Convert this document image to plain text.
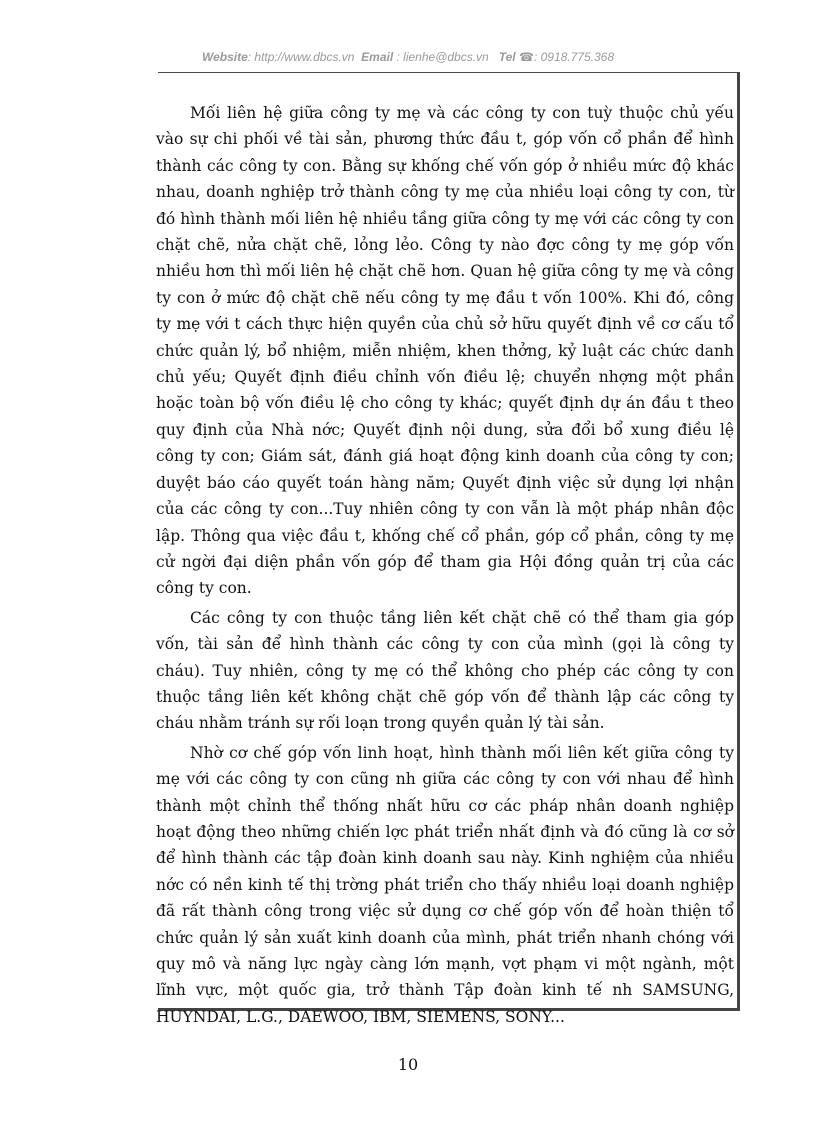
Website: http://www.dbcs.vn Email : lienhe@dbcs.vn Tel ☎: 0918.775.368

Mối liên hệ giữa công ty mẹ và các công ty con tuỳ thuộc chủ yếu vào sự chi phối về tài sản, phương thức đầu t, góp vốn cổ phần để hình thành các công ty con. Bằng sự khống chế vốn góp ở nhiều mức độ khác nhau, doanh nghiệp trở thành công ty mẹ của nhiều loại công ty con, từ đó hình thành mối liên hệ nhiều tầng giữa công ty mẹ với các công ty con chặt chẽ, nửa chặt chẽ, lỏng lẻo. Công ty nào đợc công ty mẹ góp vốn nhiều hơn thì mối liên hệ chặt chẽ hơn. Quan hệ giữa công ty mẹ và công ty con ở mức độ chặt chẽ nếu công ty mẹ đầu t vốn 100%. Khi đó, công ty mẹ với t cách thực hiện quyền của chủ sở hữu quyết định về cơ cấu tổ chức quản lý, bổ nhiệm, miễn nhiệm, khen thởng, kỷ luật các chức danh chủ yếu; Quyết định điều chỉnh vốn điều lệ; chuyển nhợng một phần hoặc toàn bộ vốn điều lệ cho công ty khác; quyết định dự án đầu t theo quy định của Nhà nớc; Quyết định nội dung, sửa đổi bổ xung điều lệ công ty con; Giám sát, đánh giá hoạt động kinh doanh của công ty con; duyệt báo cáo quyết toán hàng năm; Quyết định việc sử dụng lợi nhận của các công ty con...Tuy nhiên công ty con vẫn là một pháp nhân độc lập. Thông qua việc đầu t, khống chế cổ phần, góp cổ phần, công ty mẹ cử ngời đại diện phần vốn góp để tham gia Hội đồng quản trị của các công ty con.

Các công ty con thuộc tầng liên kết chặt chẽ có thể tham gia góp vốn, tài sản để hình thành các công ty con của mình (gọi là công ty cháu). Tuy nhiên, công ty mẹ có thể không cho phép các công ty con thuộc tầng liên kết không chặt chẽ góp vốn để thành lập các công ty cháu nhằm tránh sự rối loạn trong quyền quản lý tài sản.

Nhờ cơ chế góp vốn linh hoạt, hình thành mối liên kết giữa công ty mẹ với các công ty con cũng nh giữa các công ty con với nhau để hình thành một chỉnh thể thống nhất hữu cơ các pháp nhân doanh nghiệp hoạt động theo những chiến lợc phát triển nhất định và đó cũng là cơ sở để hình thành các tập đoàn kinh doanh sau này. Kinh nghiệm của nhiều nớc có nền kinh tế thị trờng phát triển cho thấy nhiều loại doanh nghiệp đã rất thành công trong việc sử dụng cơ chế góp vốn để hoàn thiện tổ chức quản lý sản xuất kinh doanh của mình, phát triển nhanh chóng với quy mô và năng lực ngày càng lớn mạnh, vợt phạm vi một ngành, một lĩnh vực, một quốc gia, trở thành Tập đoàn kinh tế nh SAMSUNG, HUYNDAI, L.G., DAEWOO, IBM, SIEMENS, SONY...

10
